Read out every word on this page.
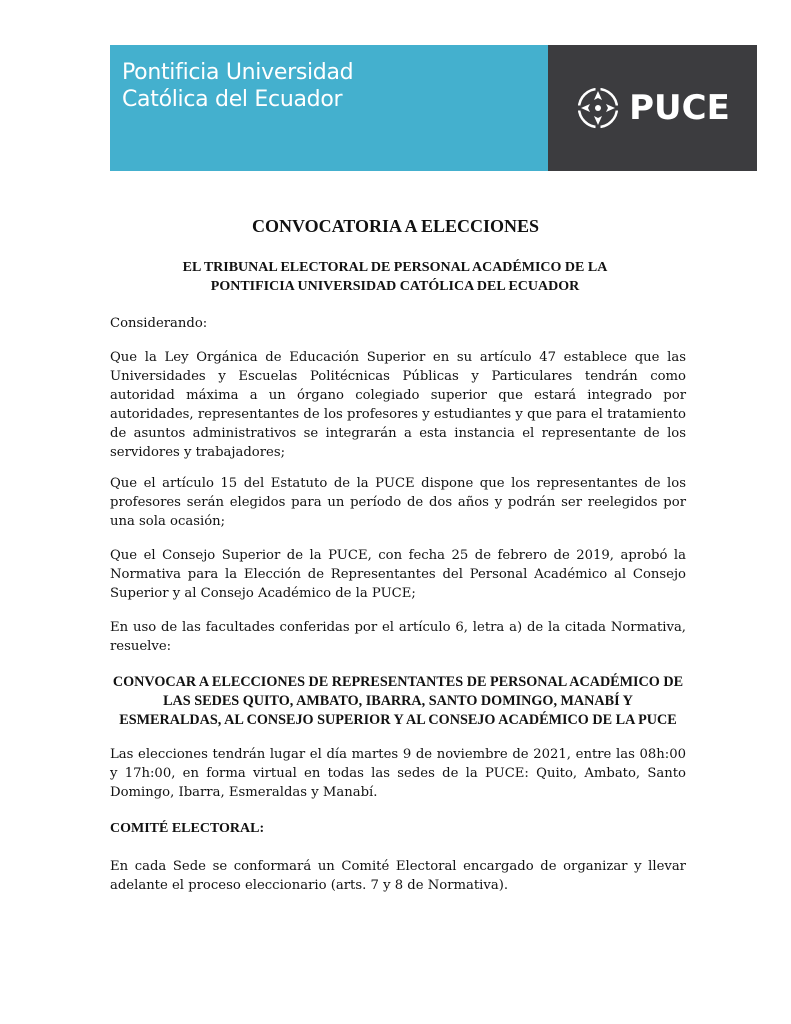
Pontificia Universidad
Católica del Ecuador	PUCE
CONVOCATORIA A ELECCIONES
EL TRIBUNAL ELECTORAL DE PERSONAL ACADÉMICO DE LA
PONTIFICIA UNIVERSIDAD CATÓLICA DEL ECUADOR

Considerando:

Que la Ley Orgánica de Educación Superior en su artículo 47 establece que las Universidades y Escuelas Politécnicas Públicas y Particulares tendrán como autoridad máxima a un órgano colegiado superior que estará integrado por autoridades, representantes de los profesores y estudiantes y que para el tratamiento de asuntos administrativos se integrarán a esta instancia el representante de los servidores y trabajadores;

Que el artículo 15 del Estatuto de la PUCE dispone que los representantes de los profesores serán elegidos para un período de dos años y podrán ser reelegidos por una sola ocasión;

Que el Consejo Superior de la PUCE, con fecha 25 de febrero de 2019, aprobó la Normativa para la Elección de Representantes del Personal Académico al Consejo Superior y al Consejo Académico de la PUCE;

En uso de las facultades conferidas por el artículo 6, letra a) de la citada Normativa, resuelve:

CONVOCAR A ELECCIONES DE REPRESENTANTES DE PERSONAL ACADÉMICO DE
LAS SEDES QUITO, AMBATO, IBARRA, SANTO DOMINGO, MANABÍ Y
ESMERALDAS, AL CONSEJO SUPERIOR Y AL CONSEJO ACADÉMICO DE LA PUCE

Las elecciones tendrán lugar el día martes 9 de noviembre de 2021, entre las 08h:00 y 17h:00, en forma virtual en todas las sedes de la PUCE: Quito, Ambato, Santo Domingo, Ibarra, Esmeraldas y Manabí.

COMITÉ ELECTORAL:

En cada Sede se conformará un Comité Electoral encargado de organizar y llevar adelante el proceso eleccionario (arts. 7 y 8 de Normativa).
